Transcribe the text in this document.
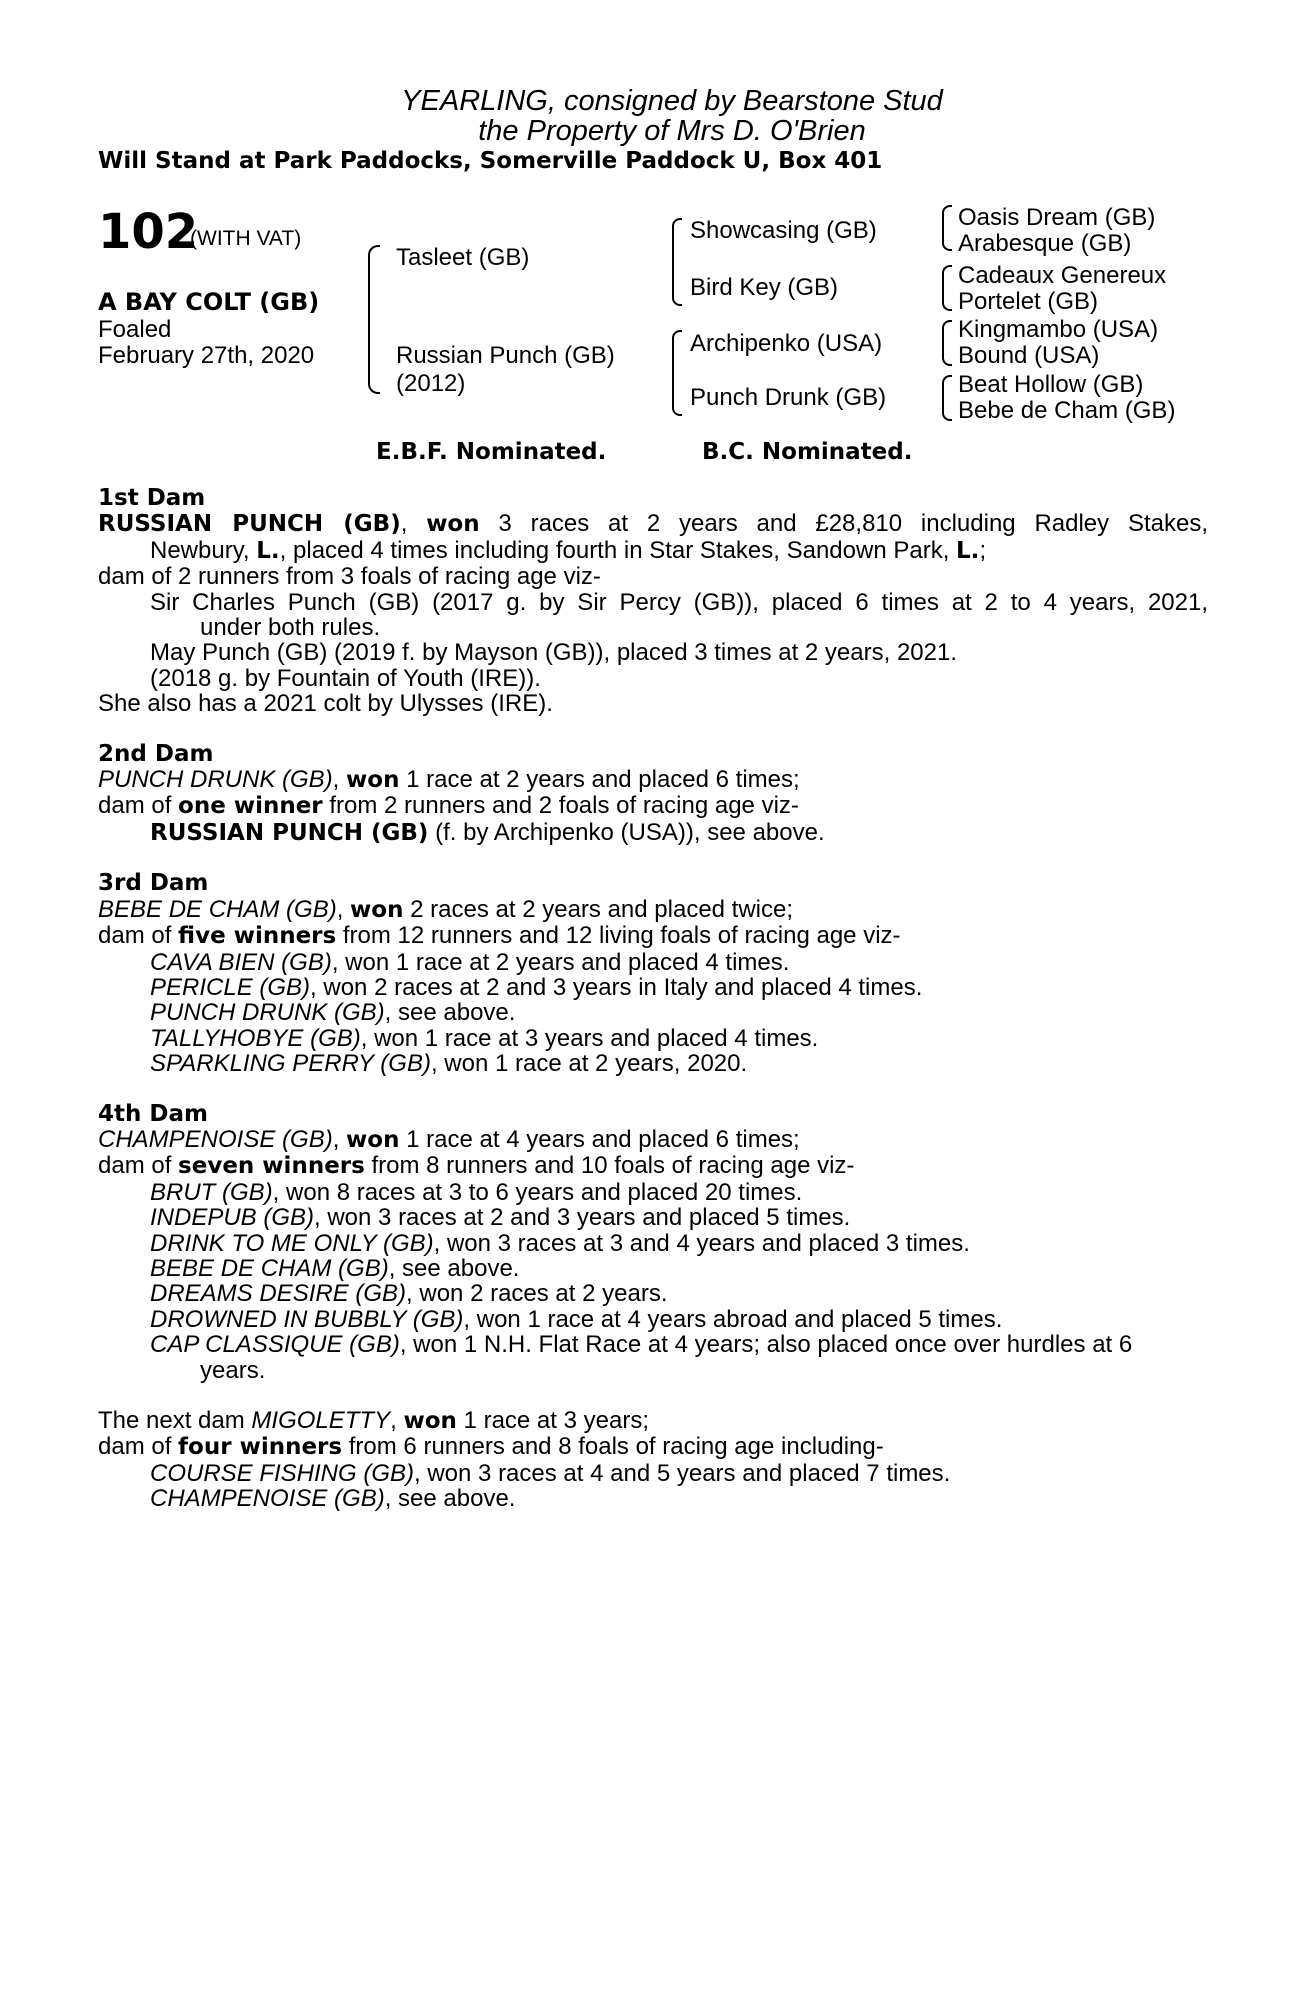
YEARLING, consigned by Bearstone Stud
the Property of Mrs D. O'Brien
Will Stand at Park Paddocks, Somerville Paddock U, Box 401
102
(WITH VAT)
A BAY COLT (GB)
Foaled
February 27th, 2020
Tasleet (GB)
Russian Punch (GB)
(2012)
Showcasing (GB)
Bird Key (GB)
Archipenko (USA)
Punch Drunk (GB)
Oasis Dream (GB)
Arabesque (GB)
Cadeaux Genereux
Portelet (GB)
Kingmambo (USA)
Bound (USA)
Beat Hollow (GB)
Bebe de Cham (GB)
E.B.F. Nominated.	B.C. Nominated.
1st Dam
RUSSIAN PUNCH (GB), won 3 races at 2 years and £28,810 including Radley Stakes,
Newbury, L., placed 4 times including fourth in Star Stakes, Sandown Park, L.;
dam of 2 runners from 3 foals of racing age viz-
Sir Charles Punch (GB) (2017 g. by Sir Percy (GB)), placed 6 times at 2 to 4 years, 2021,
under both rules.
May Punch (GB) (2019 f. by Mayson (GB)), placed 3 times at 2 years, 2021.
(2018 g. by Fountain of Youth (IRE)).
She also has a 2021 colt by Ulysses (IRE).
2nd Dam
PUNCH DRUNK (GB), won 1 race at 2 years and placed 6 times;
dam of one winner from 2 runners and 2 foals of racing age viz-
RUSSIAN PUNCH (GB) (f. by Archipenko (USA)), see above.
3rd Dam
BEBE DE CHAM (GB), won 2 races at 2 years and placed twice;
dam of five winners from 12 runners and 12 living foals of racing age viz-
CAVA BIEN (GB), won 1 race at 2 years and placed 4 times.
PERICLE (GB), won 2 races at 2 and 3 years in Italy and placed 4 times.
PUNCH DRUNK (GB), see above.
TALLYHOBYE (GB), won 1 race at 3 years and placed 4 times.
SPARKLING PERRY (GB), won 1 race at 2 years, 2020.
4th Dam
CHAMPENOISE (GB), won 1 race at 4 years and placed 6 times;
dam of seven winners from 8 runners and 10 foals of racing age viz-
BRUT (GB), won 8 races at 3 to 6 years and placed 20 times.
INDEPUB (GB), won 3 races at 2 and 3 years and placed 5 times.
DRINK TO ME ONLY (GB), won 3 races at 3 and 4 years and placed 3 times.
BEBE DE CHAM (GB), see above.
DREAMS DESIRE (GB), won 2 races at 2 years.
DROWNED IN BUBBLY (GB), won 1 race at 4 years abroad and placed 5 times.
CAP CLASSIQUE (GB), won 1 N.H. Flat Race at 4 years; also placed once over hurdles at 6
years.
The next dam MIGOLETTY, won 1 race at 3 years;
dam of four winners from 6 runners and 8 foals of racing age including-
COURSE FISHING (GB), won 3 races at 4 and 5 years and placed 7 times.
CHAMPENOISE (GB), see above.
